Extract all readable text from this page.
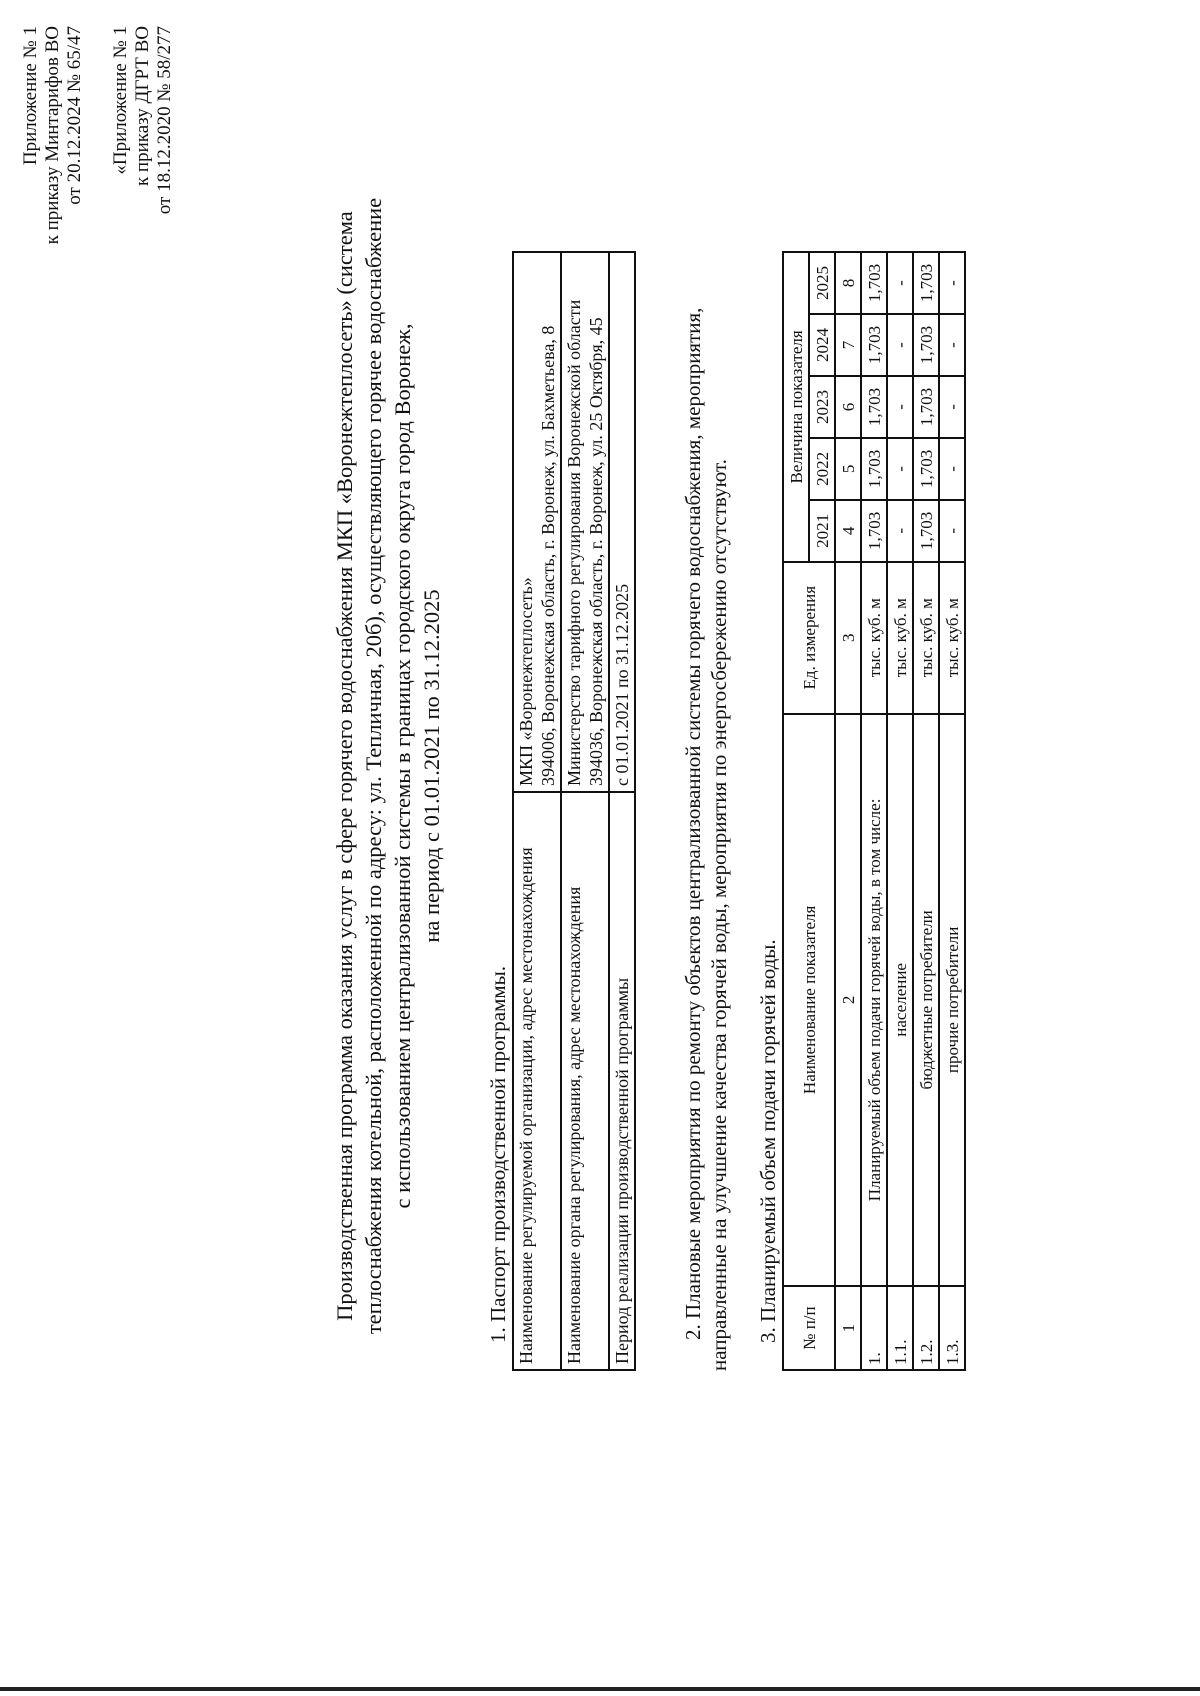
Приложение № 1 к приказу Минтарифов ВО от 20.12.2024 № 65/47 «Приложение № 1 к приказу ДГРТ ВО от 18.12.2020 № 58/277
Производственная программа оказания услуг в сфере горячего водоснабжения МКП «Воронежтеплосеть» (система теплоснабжения котельной, расположенной по адресу: ул. Тепличная, 20б), осуществляющего горячее водоснабжение с использованием централизованной системы в границах городского округа город Воронеж, на период с 01.01.2021 по 31.12.2025
1. Паспорт производственной программы. Наименование регулируемой организации, адрес местонахождения	МКП «Воронежтеплосеть» 394006, Воронежская область, г. Воронеж, ул. Бахметьева, 8

Наименование органа регулирования, адрес местонахождения	Министерство тарифного регулирования Воронежской области 394036, Воронежская область, г. Воронеж, ул. 25 Октября, 45

Период реализации производственной программы	с 01.01.2021 по 31.12.2025 2. Плановые мероприятия по ремонту объектов централизованной системы горячего водоснабжения, мероприятия, направленные на улучшение качества горячей воды, мероприятия по энергосбережению отсутствуют. 3. Планируемый объем подачи горячей воды. № п/п	Наименование показателя	Ед. измерения	Величина показателя				
			2021	2022	2023	2024	2025
1	2	3	4	5	6	7	8
1.	Планируемый объем подачи горячей воды, в том числе:	тыс. куб. м	1,703	1,703	1,703	1,703	1,703
1.1.	население	тыс. куб. м	-	-	-	-	-
1.2.	бюджетные потребители	тыс. куб. м	1,703	1,703	1,703	1,703	1,703
1.3.	прочие потребители	тыс. куб. м	-	-	-	-	-
